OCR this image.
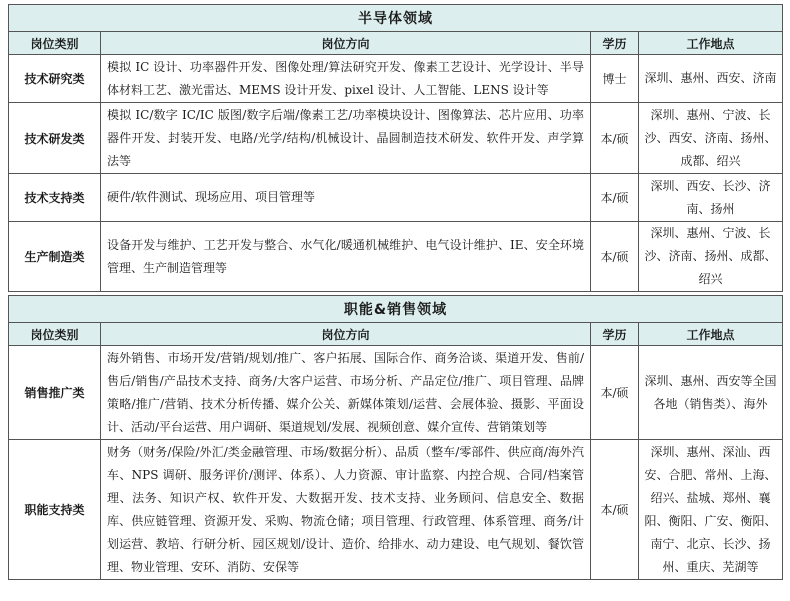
半导体领域			
岗位类别	岗位方向	学历	工作地点
技术研究类	模拟 IC 设计、功率器件开发、图像处理/算法研究开发、像素工艺设计、光学设计、半导体材料工艺、激光雷达、MEMS 设计开发、pixel 设计、人工智能、LENS 设计等	博士	深圳、惠州、西安、济南
技术研发类	模拟 IC/数字 IC/IC 版图/数字后端/像素工艺/功率模块设计、图像算法、芯片应用、功率器件开发、封装开发、电路/光学/结构/机械设计、晶圆制造技术研发、软件开发、声学算法等	本/硕	深圳、惠州、宁波、长沙、西安、济南、扬州、成都、绍兴
技术支持类	硬件/软件测试、现场应用、项目管理等	本/硕	深圳、西安、长沙、济南、扬州
生产制造类	设备开发与维护、工艺开发与整合、水气化/暖通机械维护、电气设计维护、IE、安全环境管理、生产制造管理等	本/硕	深圳、惠州、宁波、长沙、济南、扬州、成都、绍兴
职能&销售领域			
岗位类别	岗位方向	学历	工作地点
销售推广类	海外销售、市场开发/营销/规划/推广、客户拓展、国际合作、商务洽谈、渠道开发、售前/售后/销售/产品技术支持、商务/大客户运营、市场分析、产品定位/推广、项目管理、品牌策略/推广/营销、技术分析传播、媒介公关、新媒体策划/运营、会展体验、摄影、平面设计、活动/平台运营、用户调研、渠道规划/发展、视频创意、媒介宣传、营销策划等	本/硕	深圳、惠州、西安等全国各地（销售类）、海外
职能支持类	财务（财务/保险/外汇/类金融管理、市场/数据分析）、品质（整车/零部件、供应商/海外汽车、NPS 调研、服务评价/测评、体系）、人力资源、审计监察、内控合规、合同/档案管理、法务、知识产权、软件开发、大数据开发、技术支持、业务顾问、信息安全、数据库、供应链管理、资源开发、采购、物流仓储；项目管理、行政管理、体系管理、商务/计划运营、教培、行研分析、园区规划/设计、造价、给排水、动力建设、电气规划、餐饮管理、物业管理、安环、消防、安保等	本/硕	深圳、惠州、深汕、西安、合肥、常州、上海、绍兴、盐城、郑州、襄阳、衡阳、广安、衡阳、南宁、北京、长沙、扬州、重庆、芜湖等
